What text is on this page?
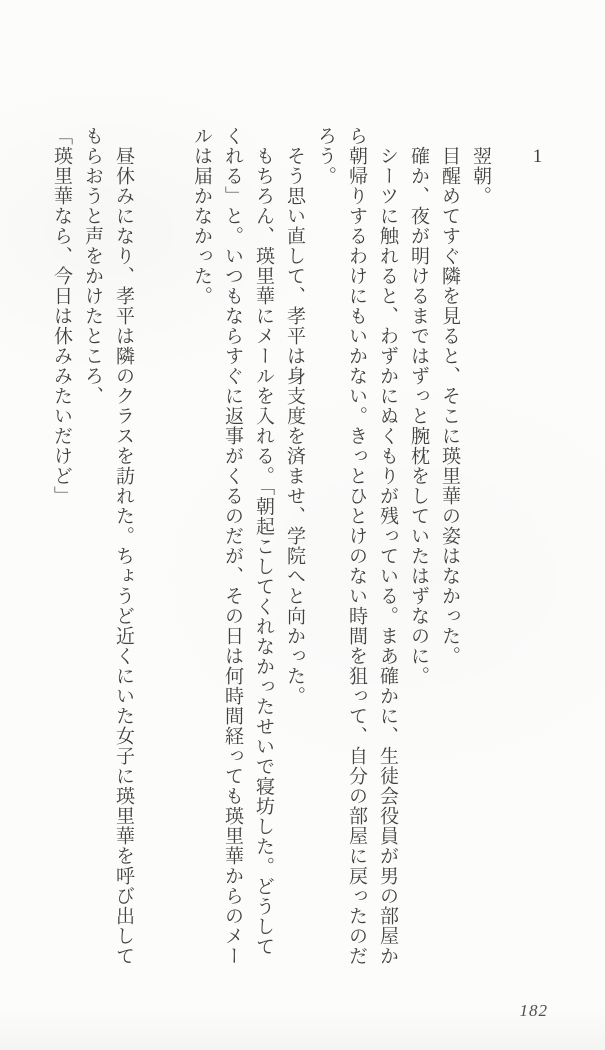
1

翌朝。

目醒めてすぐ隣を見ると、そこに瑛里華の姿はなかった。

確か、夜が明けるまではずっと腕枕をしていたはずなのに。

シーツに触れると、わずかにぬくもりが残っている。まあ確かに、生徒会役員が男の部屋から朝帰りするわけにもいかない。きっとひとけのない時間を狙って、自分の部屋に戻ったのだろう。

そう思い直して、孝平は身支度を済ませ、学院へと向かった。

もちろん、瑛里華にメールを入れる。「朝起こしてくれなかったせいで寝坊した。どうしてくれる」と。いつもならすぐに返事がくるのだが、その日は何時間経っても瑛里華からのメールは届かなかった。

昼休みになり、孝平は隣のクラスを訪れた。ちょうど近くにいた女子に瑛里華を呼び出してもらおうと声をかけたところ、

「瑛里華なら、今日は休みみたいだけど」

182
